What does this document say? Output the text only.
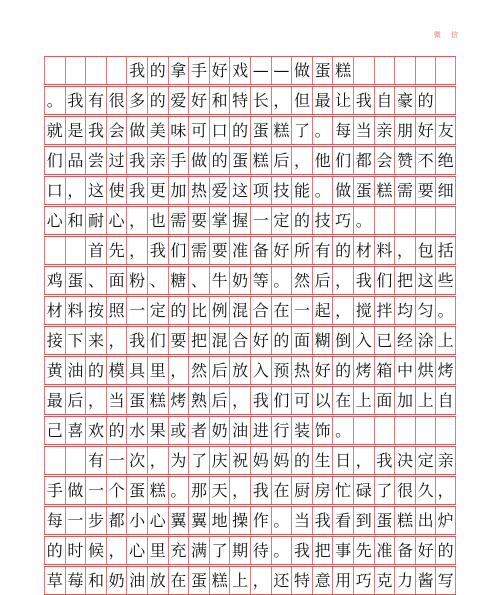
微 信
我 的 拿 手 好 戏 — — 做 蛋 糕
。 我 有 很 多 的 爱 好 和 特 长 ， 但 最 让 我 自 豪 的
就 是 我 会 做 美 味 可 口 的 蛋 糕 了 。 每 当 亲 朋 好 友
们 品 尝 过 我 亲 手 做 的 蛋 糕 后 ， 他 们 都 会 赞 不 绝
口 ， 这 使 我 更 加 热 爱 这 项 技 能 。 做 蛋 糕 需 要 细
心 和 耐 心 ， 也 需 要 掌 握 一 定 的 技 巧 。
首 先 ， 我 们 需 要 准 备 好 所 有 的 材 料 ， 包 括
鸡 蛋 、 面 粉 、 糖 、 牛 奶 等 。 然 后 ， 我 们 把 这 些
材 料 按 照 一 定 的 比 例 混 合 在 一 起 ， 搅 拌 均 匀 。
接 下 来 ， 我 们 要 把 混 合 好 的 面 糊 倒 入 已 经 涂 上
黄 油 的 模 具 里 ， 然 后 放 入 预 热 好 的 烤 箱 中 烘 烤
最 后 ， 当 蛋 糕 烤 熟 后 ， 我 们 可 以 在 上 面 加 上 自
己 喜 欢 的 水 果 或 者 奶 油 进 行 装 饰 。
有 一 次 ， 为 了 庆 祝 妈 妈 的 生 日 ， 我 决 定 亲
手 做 一 个 蛋 糕 。 那 天 ， 我 在 厨 房 忙 碌 了 很 久 ，
每 一 步 都 小 心 翼 翼 地 操 作 。 当 我 看 到 蛋 糕 出 炉
的 时 候 ， 心 里 充 满 了 期 待 。 我 把 事 先 准 备 好 的
草 莓 和 奶 油 放 在 蛋 糕 上 ， 还 特 意 用 巧 克 力 酱 写
